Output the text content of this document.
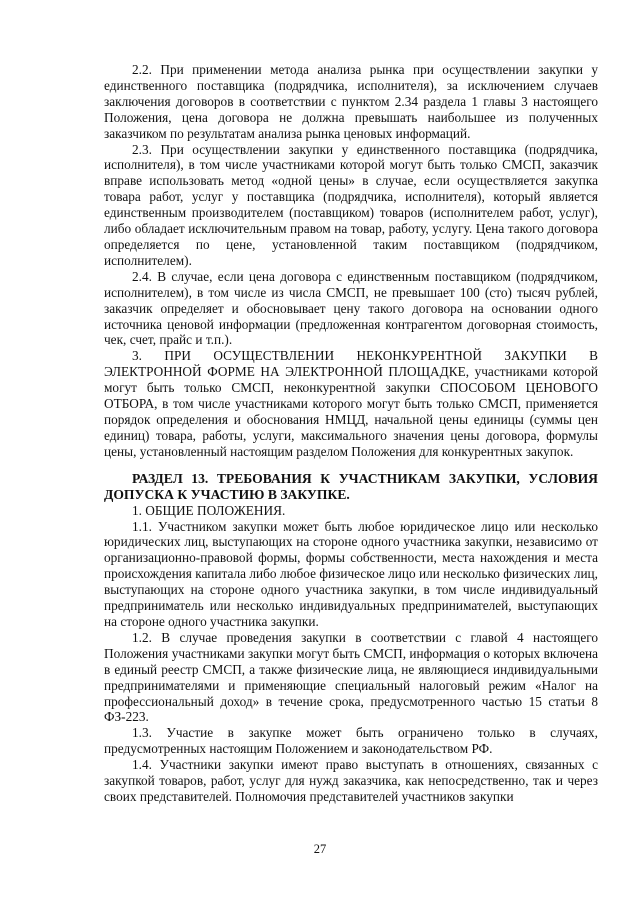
2.2. При применении метода анализа рынка при осуществлении закупки у единственного поставщика (подрядчика, исполнителя), за исключением случаев заключения договоров в соответствии с пунктом 2.34 раздела 1 главы 3 настоящего Положения, цена договора не должна превышать наибольшее из полученных заказчиком по результатам анализа рынка ценовых информаций.

2.3. При осуществлении закупки у единственного поставщика (подрядчика, исполнителя), в том числе участниками которой могут быть только СМСП, заказчик вправе использовать метод «одной цены» в случае, если осуществляется закупка товара работ, услуг у поставщика (подрядчика, исполнителя), который является единственным производителем (поставщиком) товаров (исполнителем работ, услуг), либо обладает исключительным правом на товар, работу, услугу. Цена такого договора определяется по цене, установленной таким поставщиком (подрядчиком, исполнителем).

2.4. В случае, если цена договора с единственным поставщиком (подрядчиком, исполнителем), в том числе из числа СМСП, не превышает 100 (сто) тысяч рублей, заказчик определяет и обосновывает цену такого договора на основании одного источника ценовой информации (предложенная контрагентом договорная стоимость, чек, счет, прайс и т.п.).

3. ПРИ ОСУЩЕСТВЛЕНИИ НЕКОНКУРЕНТНОЙ ЗАКУПКИ В ЭЛЕКТРОННОЙ ФОРМЕ НА ЭЛЕКТРОННОЙ ПЛОЩАДКЕ, участниками которой могут быть только СМСП, неконкурентной закупки СПОСОБОМ ЦЕНОВОГО ОТБОРА, в том числе участниками которого могут быть только СМСП, применяется порядок определения и обоснования НМЦД, начальной цены единицы (суммы цен единиц) товара, работы, услуги, максимального значения цены договора, формулы цены, установленный настоящим разделом Положения для конкурентных закупок.

РАЗДЕЛ 13. ТРЕБОВАНИЯ К УЧАСТНИКАМ ЗАКУПКИ, УСЛОВИЯ ДОПУСКА К УЧАСТИЮ В ЗАКУПКЕ.

1. ОБЩИЕ ПОЛОЖЕНИЯ.

1.1. Участником закупки может быть любое юридическое лицо или несколько юридических лиц, выступающих на стороне одного участника закупки, независимо от организационно-правовой формы, формы собственности, места нахождения и места происхождения капитала либо любое физическое лицо или несколько физических лиц, выступающих на стороне одного участника закупки, в том числе индивидуальный предприниматель или несколько индивидуальных предпринимателей, выступающих на стороне одного участника закупки.

1.2. В случае проведения закупки в соответствии с главой 4 настоящего Положения участниками закупки могут быть СМСП, информация о которых включена в единый реестр СМСП, а также физические лица, не являющиеся индивидуальными предпринимателями и применяющие специальный налоговый режим «Налог на профессиональный доход» в течение срока, предусмотренного частью 15 статьи 8 ФЗ-223.

1.3. Участие в закупке может быть ограничено только в случаях, предусмотренных настоящим Положением и законодательством РФ.

1.4. Участники закупки имеют право выступать в отношениях, связанных с закупкой товаров, работ, услуг для нужд заказчика, как непосредственно, так и через своих представителей. Полномочия представителей участников закупки

27
